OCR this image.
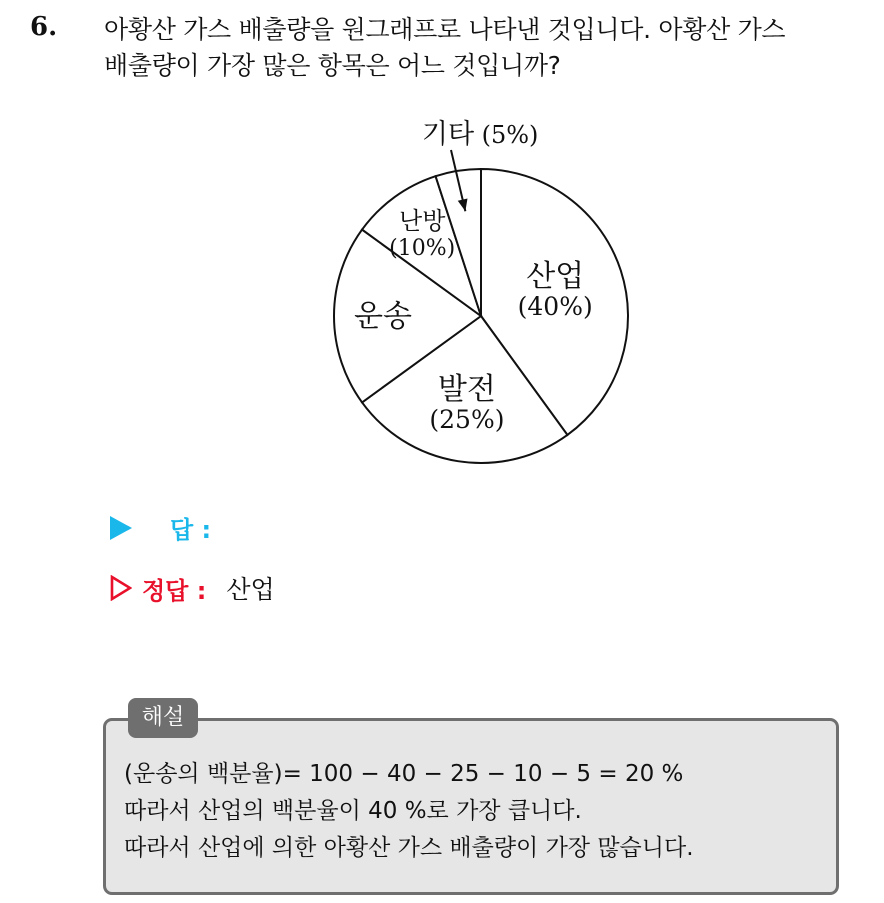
6. 아황산 가스 배출량을 원그래프로 나타낸 것입니다. 아황산 가스
배출량이 가장 많은 항목은 어느 것입니까?
산업
(40%)
발전
(25%)
운송
난방
(10%)
기타 (5%)
답 :
정답 : 산업
해설
(운송의 백분율)= 100 − 40 − 25 − 10 − 5 = 20 %
따라서 산업의 백분율이 40 %로 가장 큽니다.
따라서 산업에 의한 아황산 가스 배출량이 가장 많습니다.
